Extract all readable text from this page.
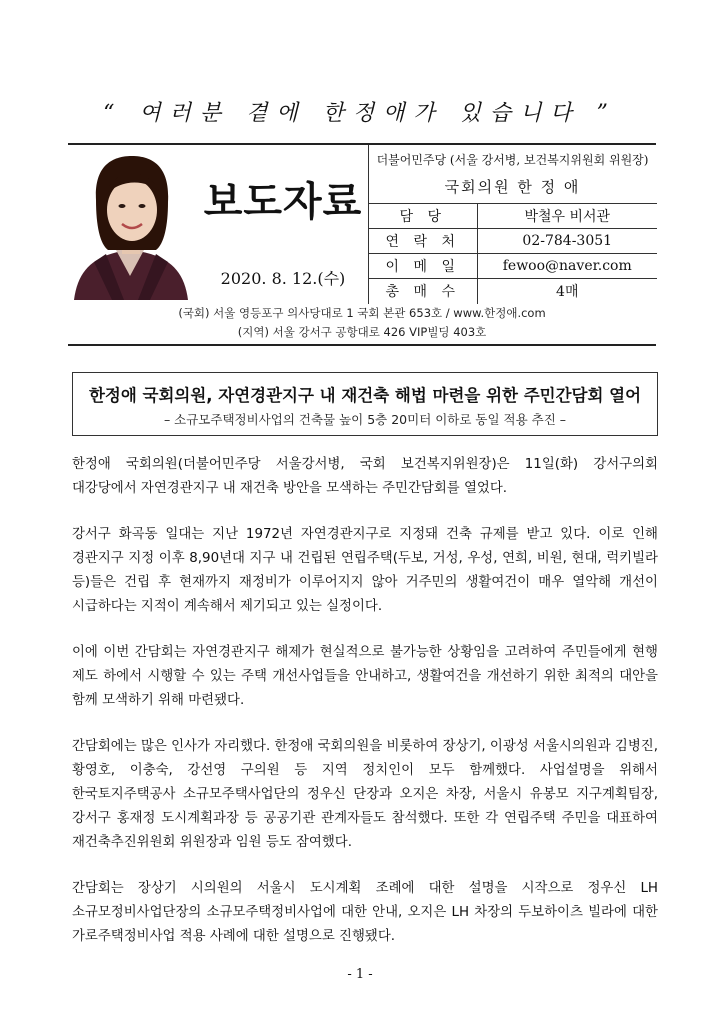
“ 여러분 곁에 한정애가 있습니다 ”
보도자료
2020. 8. 12.(수)
더불어민주당 (서울 강서병, 보건복지위원회 위원장)
국회의원 한 정 애
담 당	박철우 비서관
연 락 처	02-784-3051
이 메 일	fewoo@naver.com
총 매 수	4매
(국회) 서울 영등포구 의사당대로 1 국회 본관 653호 / www.한정애.com
(지역) 서울 강서구 공항대로 426 VIP빌딩 403호
한정애 국회의원, 자연경관지구 내 재건축 해법 마련을 위한 주민간담회 열어
– 소규모주택정비사업의 건축물 높이 5층 20미터 이하로 동일 적용 추진 –

한정애 국회의원(더불어민주당 서울강서병, 국회 보건복지위원장)은 11일(화) 강서구의회 대강당에서 자연경관지구 내 재건축 방안을 모색하는 주민간담회를 열었다.

강서구 화곡동 일대는 지난 1972년 자연경관지구로 지정돼 건축 규제를 받고 있다. 이로 인해 경관지구 지정 이후 8,90년대 지구 내 건립된 연립주택(두보, 거성, 우성, 연희, 비원, 현대, 럭키빌라 등)들은 건립 후 현재까지 재정비가 이루어지지 않아 거주민의 생활여건이 매우 열악해 개선이 시급하다는 지적이 계속해서 제기되고 있는 실정이다.

이에 이번 간담회는 자연경관지구 해제가 현실적으로 불가능한 상황임을 고려하여 주민들에게 현행 제도 하에서 시행할 수 있는 주택 개선사업들을 안내하고, 생활여건을 개선하기 위한 최적의 대안을 함께 모색하기 위해 마련됐다.

간담회에는 많은 인사가 자리했다. 한정애 국회의원을 비롯하여 장상기, 이광성 서울시의원과 김병진, 황영호, 이충숙, 강선영 구의원 등 지역 정치인이 모두 함께했다. 사업설명을 위해서 한국토지주택공사 소규모주택사업단의 정우신 단장과 오지은 차장, 서울시 유봉모 지구계획팀장, 강서구 홍재정 도시계획과장 등 공공기관 관계자들도 참석했다. 또한 각 연립주택 주민을 대표하여 재건축추진위원회 위원장과 임원 등도 잠여했다.

간담회는 장상기 시의원의 서울시 도시계획 조례에 대한 설명을 시작으로 정우신 LH 소규모정비사업단장의 소규모주택정비사업에 대한 안내, 오지은 LH 차장의 두보하이츠 빌라에 대한 가로주택정비사업 적용 사례에 대한 설명으로 진행됐다.

- 1 -
